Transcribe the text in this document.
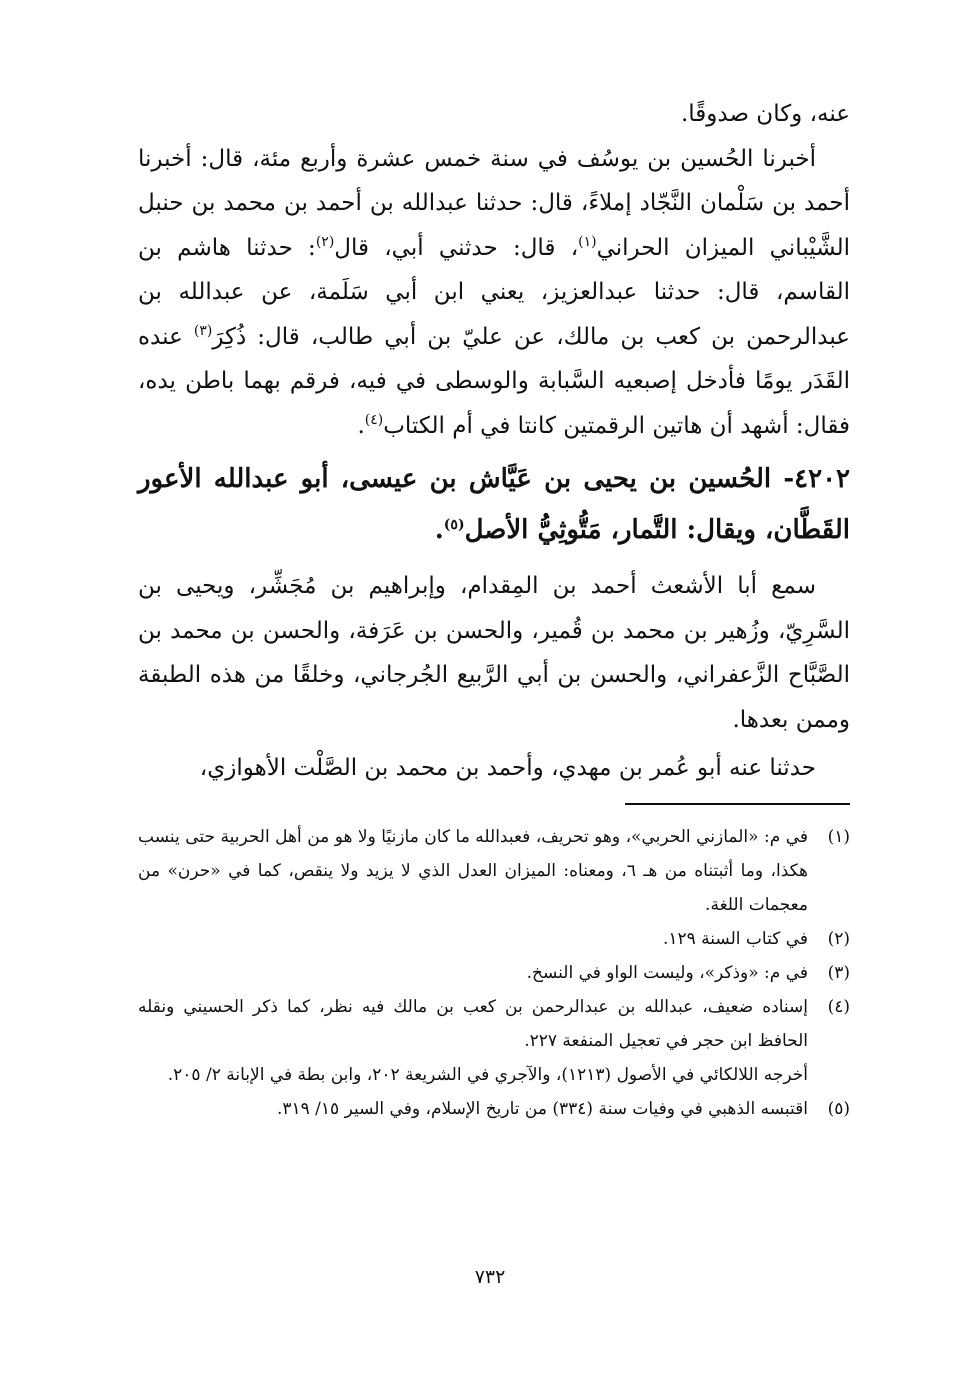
عنه، وكان صدوقًا.

أخبرنا الحُسين بن يوسُف في سنة خمس عشرة وأربع مئة، قال: أخبرنا أحمد بن سَلْمان النَّجّاد إملاءً، قال: حدثنا عبدالله بن أحمد بن محمد بن حنبل الشَّيْباني الميزان الحراني$^{(١)}$، قال: حدثني أبي، قال$^{(٢)}$: حدثنا هاشم بن القاسم، قال: حدثنا عبدالعزيز، يعني ابن أبي سَلَمة، عن عبدالله بن عبدالرحمن بن كعب بن مالك، عن عليّ بن أبي طالب، قال: ذُكِرَ$^{(٣)}$ عنده القَدَر يومًا فأدخل إصبعيه السَّبابة والوسطى في فيه، فرقم بهما باطن يده، فقال: أشهد أن هاتين الرقمتين كانتا في أم الكتاب$^{(٤)}$.

٤٢٠٢- الحُسين بن يحيى بن عَيَّاش بن عيسى، أبو عبدالله الأعور القَطَّان، ويقال: التَّمار، مَتُّوثِيُّ الأصل$^{(٥)}$.

سمع أبا الأشعث أحمد بن المِقدام، وإبراهيم بن مُجَشِّر، ويحيى بن السَّرِيّ، وزُهير بن محمد بن قُمير، والحسن بن عَرَفة، والحسن بن محمد بن الصَّبَّاح الزَّعفراني، والحسن بن أبي الرَّبيع الجُرجاني، وخلقًا من هذه الطبقة وممن بعدها.

حدثنا عنه أبو عُمر بن مهدي، وأحمد بن محمد بن الصَّلْت الأهوازي،

(١)
في م: «المازني الحربي»، وهو تحريف، فعبدالله ما كان مازنيًا ولا هو من أهل الحربية حتى ينسب هكذا، وما أثبتناه من هـ ٦، ومعناه: الميزان العدل الذي لا يزيد ولا ينقص، كما في «حرن» من معجمات اللغة.
(٢)
في كتاب السنة ١٢٩.
(٣)
في م: «وذكر»، وليست الواو في النسخ.
(٤)
إسناده ضعيف، عبدالله بن عبدالرحمن بن كعب بن مالك فيه نظر، كما ذكر الحسيني ونقله الحافظ ابن حجر في تعجيل المنفعة ٢٢٧.

أخرجه اللالكائي في الأصول (١٢١٣)، والآجري في الشريعة ٢٠٢، وابن بطة في الإبانة ٢/ ٢٠٥.

(٥)
اقتبسه الذهبي في وفيات سنة (٣٣٤) من تاريخ الإسلام، وفي السير ١٥/ ٣١٩.
٧٣٢
